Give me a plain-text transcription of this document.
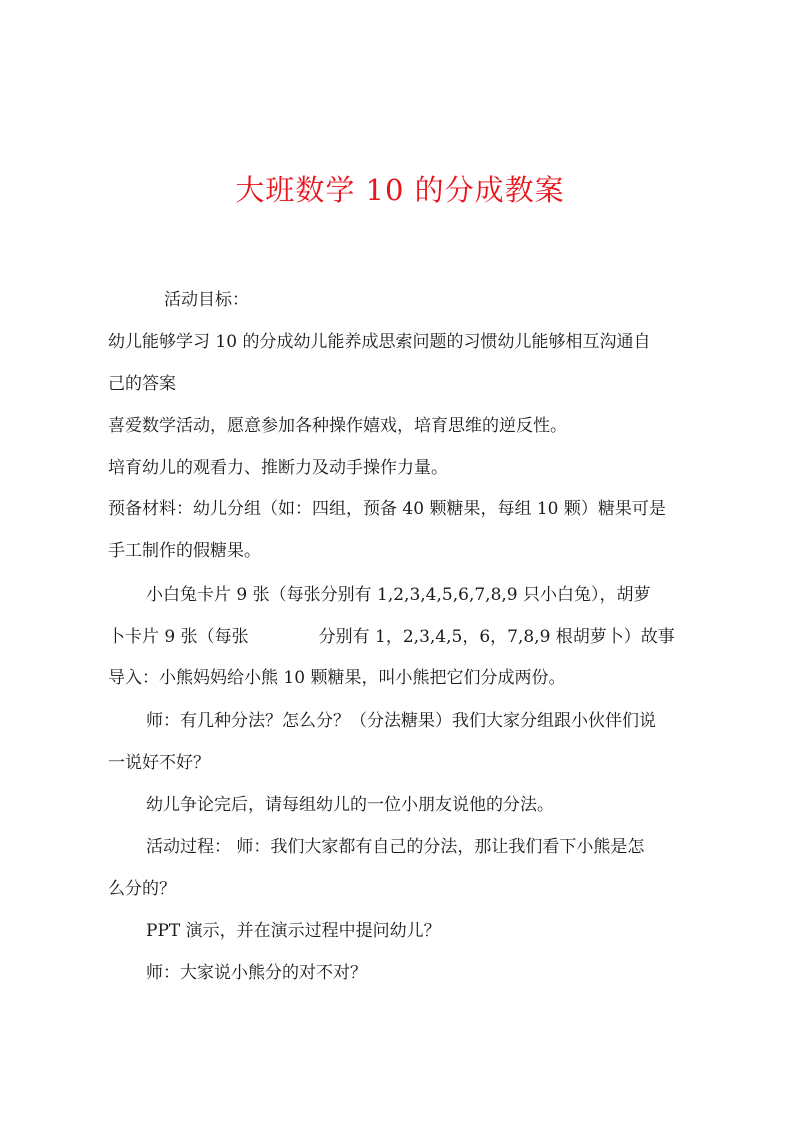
大班数学 10 的分成教案
活动目标：
幼儿能够学习 10 的分成幼儿能养成思索问题的习惯幼儿能够相互沟通自
己的答案
喜爱数学活动，愿意参加各种操作嬉戏，培育思维的逆反性。
培育幼儿的观看力、推断力及动手操作力量。
预备材料：幼儿分组（如：四组，预备 40 颗糖果，每组 10 颗）糖果可是
手工制作的假糖果。
小白兔卡片 9 张（每张分别有 1,2,3,4,5,6,7,8,9 只小白兔），胡萝
卜卡片 9 张（每张	分别有 1，2,3,4,5，6，7,8,9 根胡萝卜）故事
导入：小熊妈妈给小熊 10 颗糖果，叫小熊把它们分成两份。
师：有几种分法？怎么分？（分法糖果）我们大家分组跟小伙伴们说
一说好不好？
幼儿争论完后，请每组幼儿的一位小朋友说他的分法。
活动过程： 师：我们大家都有自己的分法，那让我们看下小熊是怎
么分的？
PPT 演示，并在演示过程中提问幼儿？
师：大家说小熊分的对不对？
